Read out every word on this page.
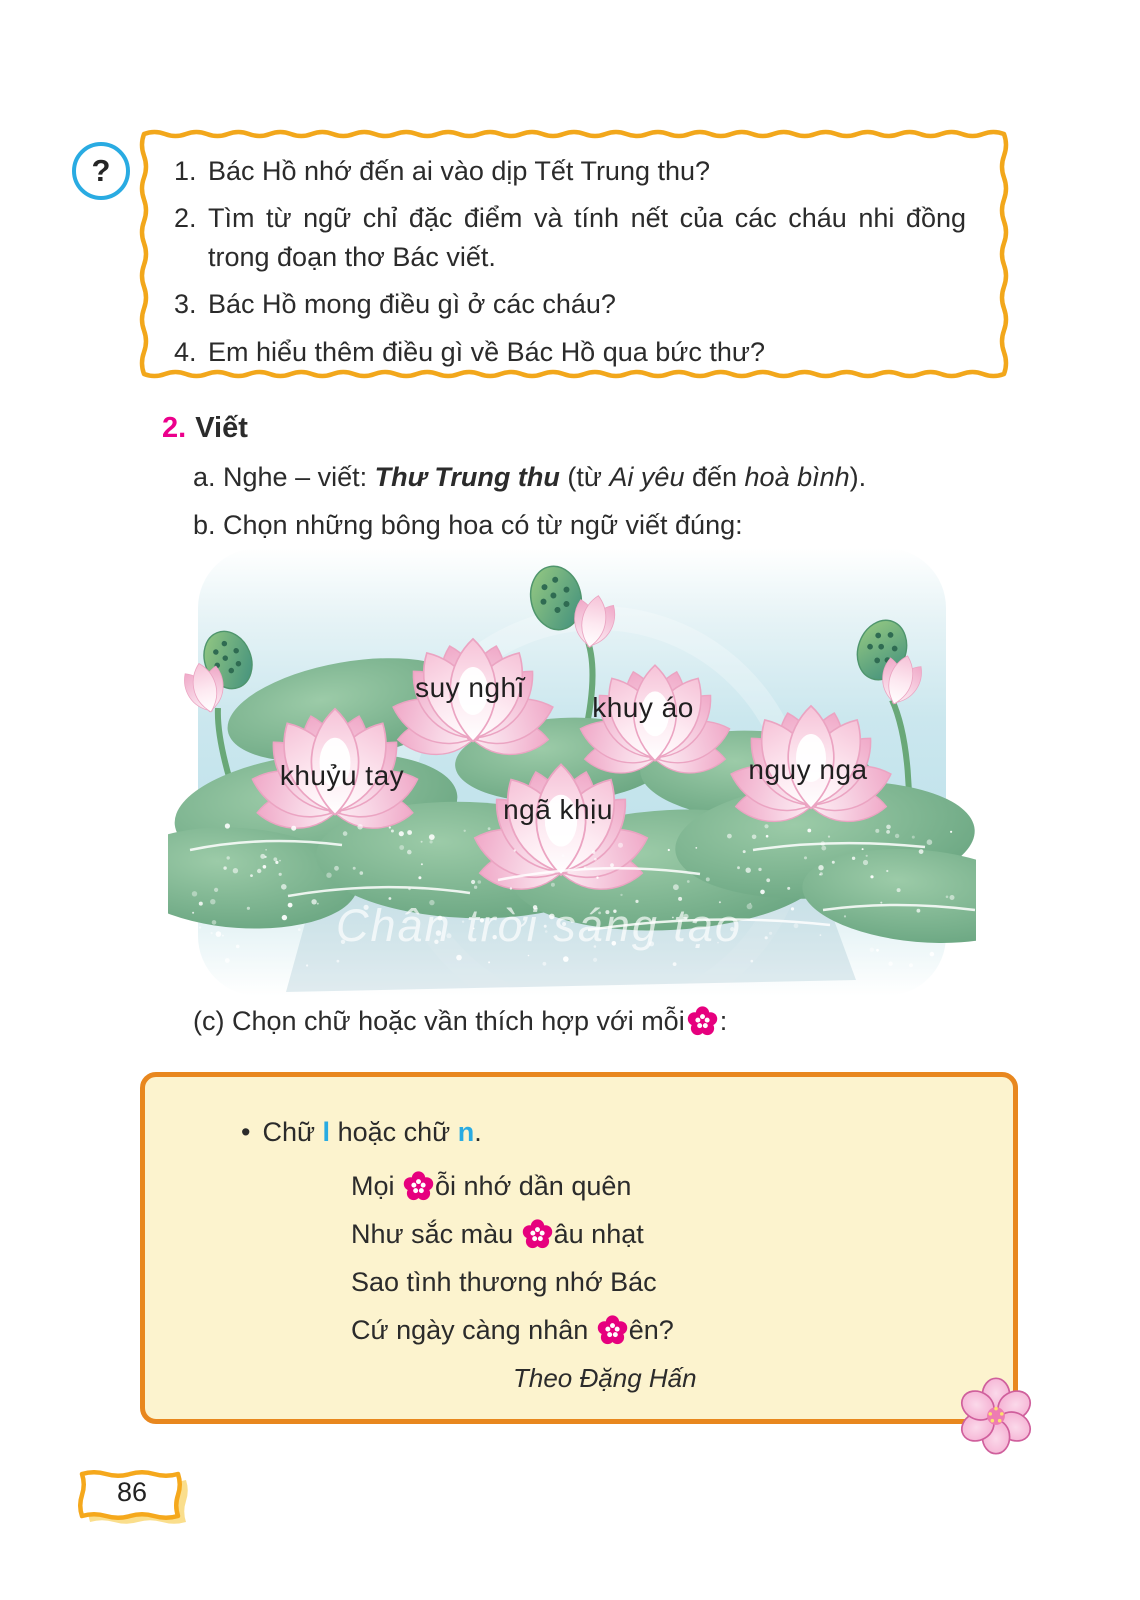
?	1. Bác Hồ nhớ đến ai vào dịp Tết Trung thu?
2. Tìm từ ngữ chỉ đặc điểm và tính nết của các cháu nhi đồng trong đoạn thơ Bác viết.
3. Bác Hồ mong điều gì ở các cháu?
4. Em hiểu thêm điều gì về Bác Hồ qua bức thư?
2. Viết
a. Nghe – viết: Thư Trung thu (từ Ai yêu đến hoà bình).
b. Chọn những bông hoa có từ ngữ viết đúng:
Chân trời sáng tạo
suy nghĩ
khuy áo
khuỷu tay
ngã khịu
nguy nga
(c) Chọn chữ hoặc vần thích hợp với mỗi :
• Chữ l hoặc chữ n.
Mọi ỗi nhớ dần quên
Như sắc màu âu nhạt
Sao tình thương nhớ Bác
Cứ ngày càng nhân ên?
Theo Đặng Hấn
86
